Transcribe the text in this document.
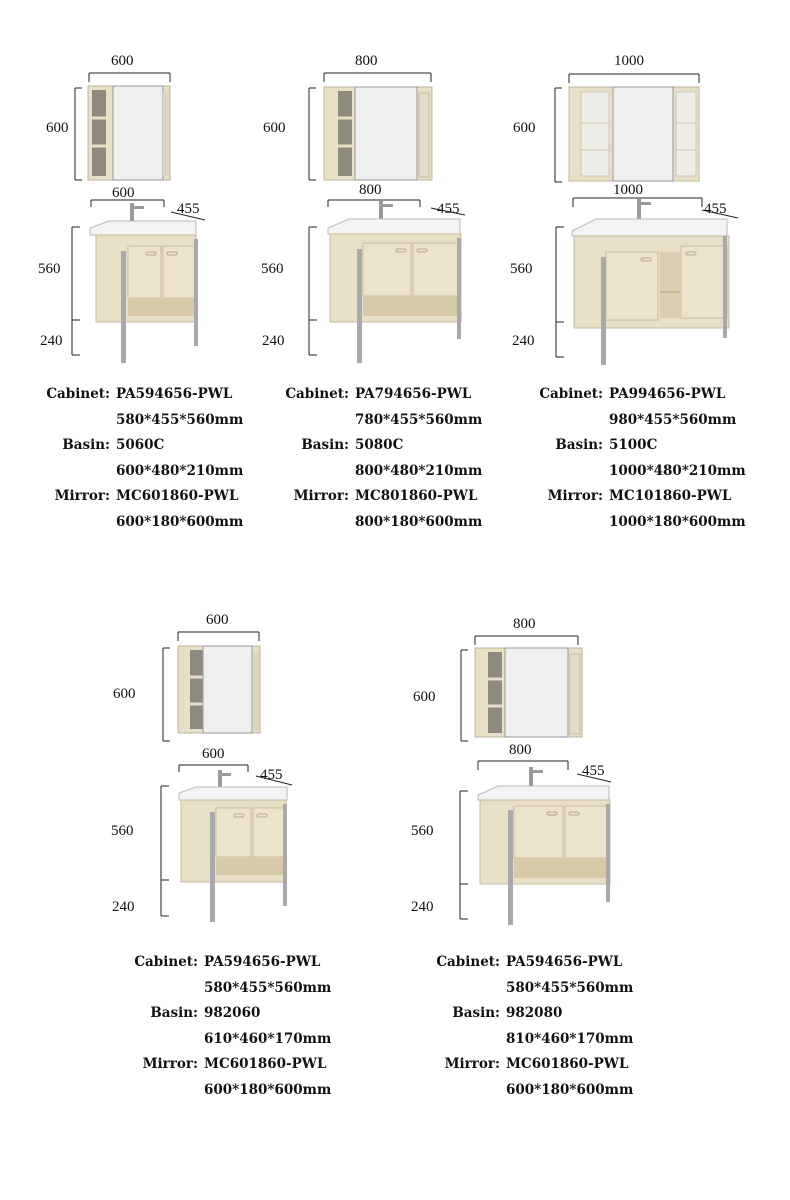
600
600
600
455
560
240
Cabinet: PA594656-PWL
580*455*560mm
Basin: 5060C
600*480*210mm
Mirror: MC601860-PWL
600*180*600mm
800
600
800
455
560
240
Cabinet: PA794656-PWL
780*455*560mm
Basin: 5080C
800*480*210mm
Mirror: MC801860-PWL
800*180*600mm
1000
600
1000
455
560
240
Cabinet: PA994656-PWL
980*455*560mm
Basin: 5100C
1000*480*210mm
Mirror: MC101860-PWL
1000*180*600mm
600
600
600
455
560
240
Cabinet: PA594656-PWL
580*455*560mm
Basin: 982060
610*460*170mm
Mirror: MC601860-PWL
600*180*600mm
800
600
800
455
560
240
Cabinet: PA594656-PWL
580*455*560mm
Basin: 982080
810*460*170mm
Mirror: MC601860-PWL
600*180*600mm
